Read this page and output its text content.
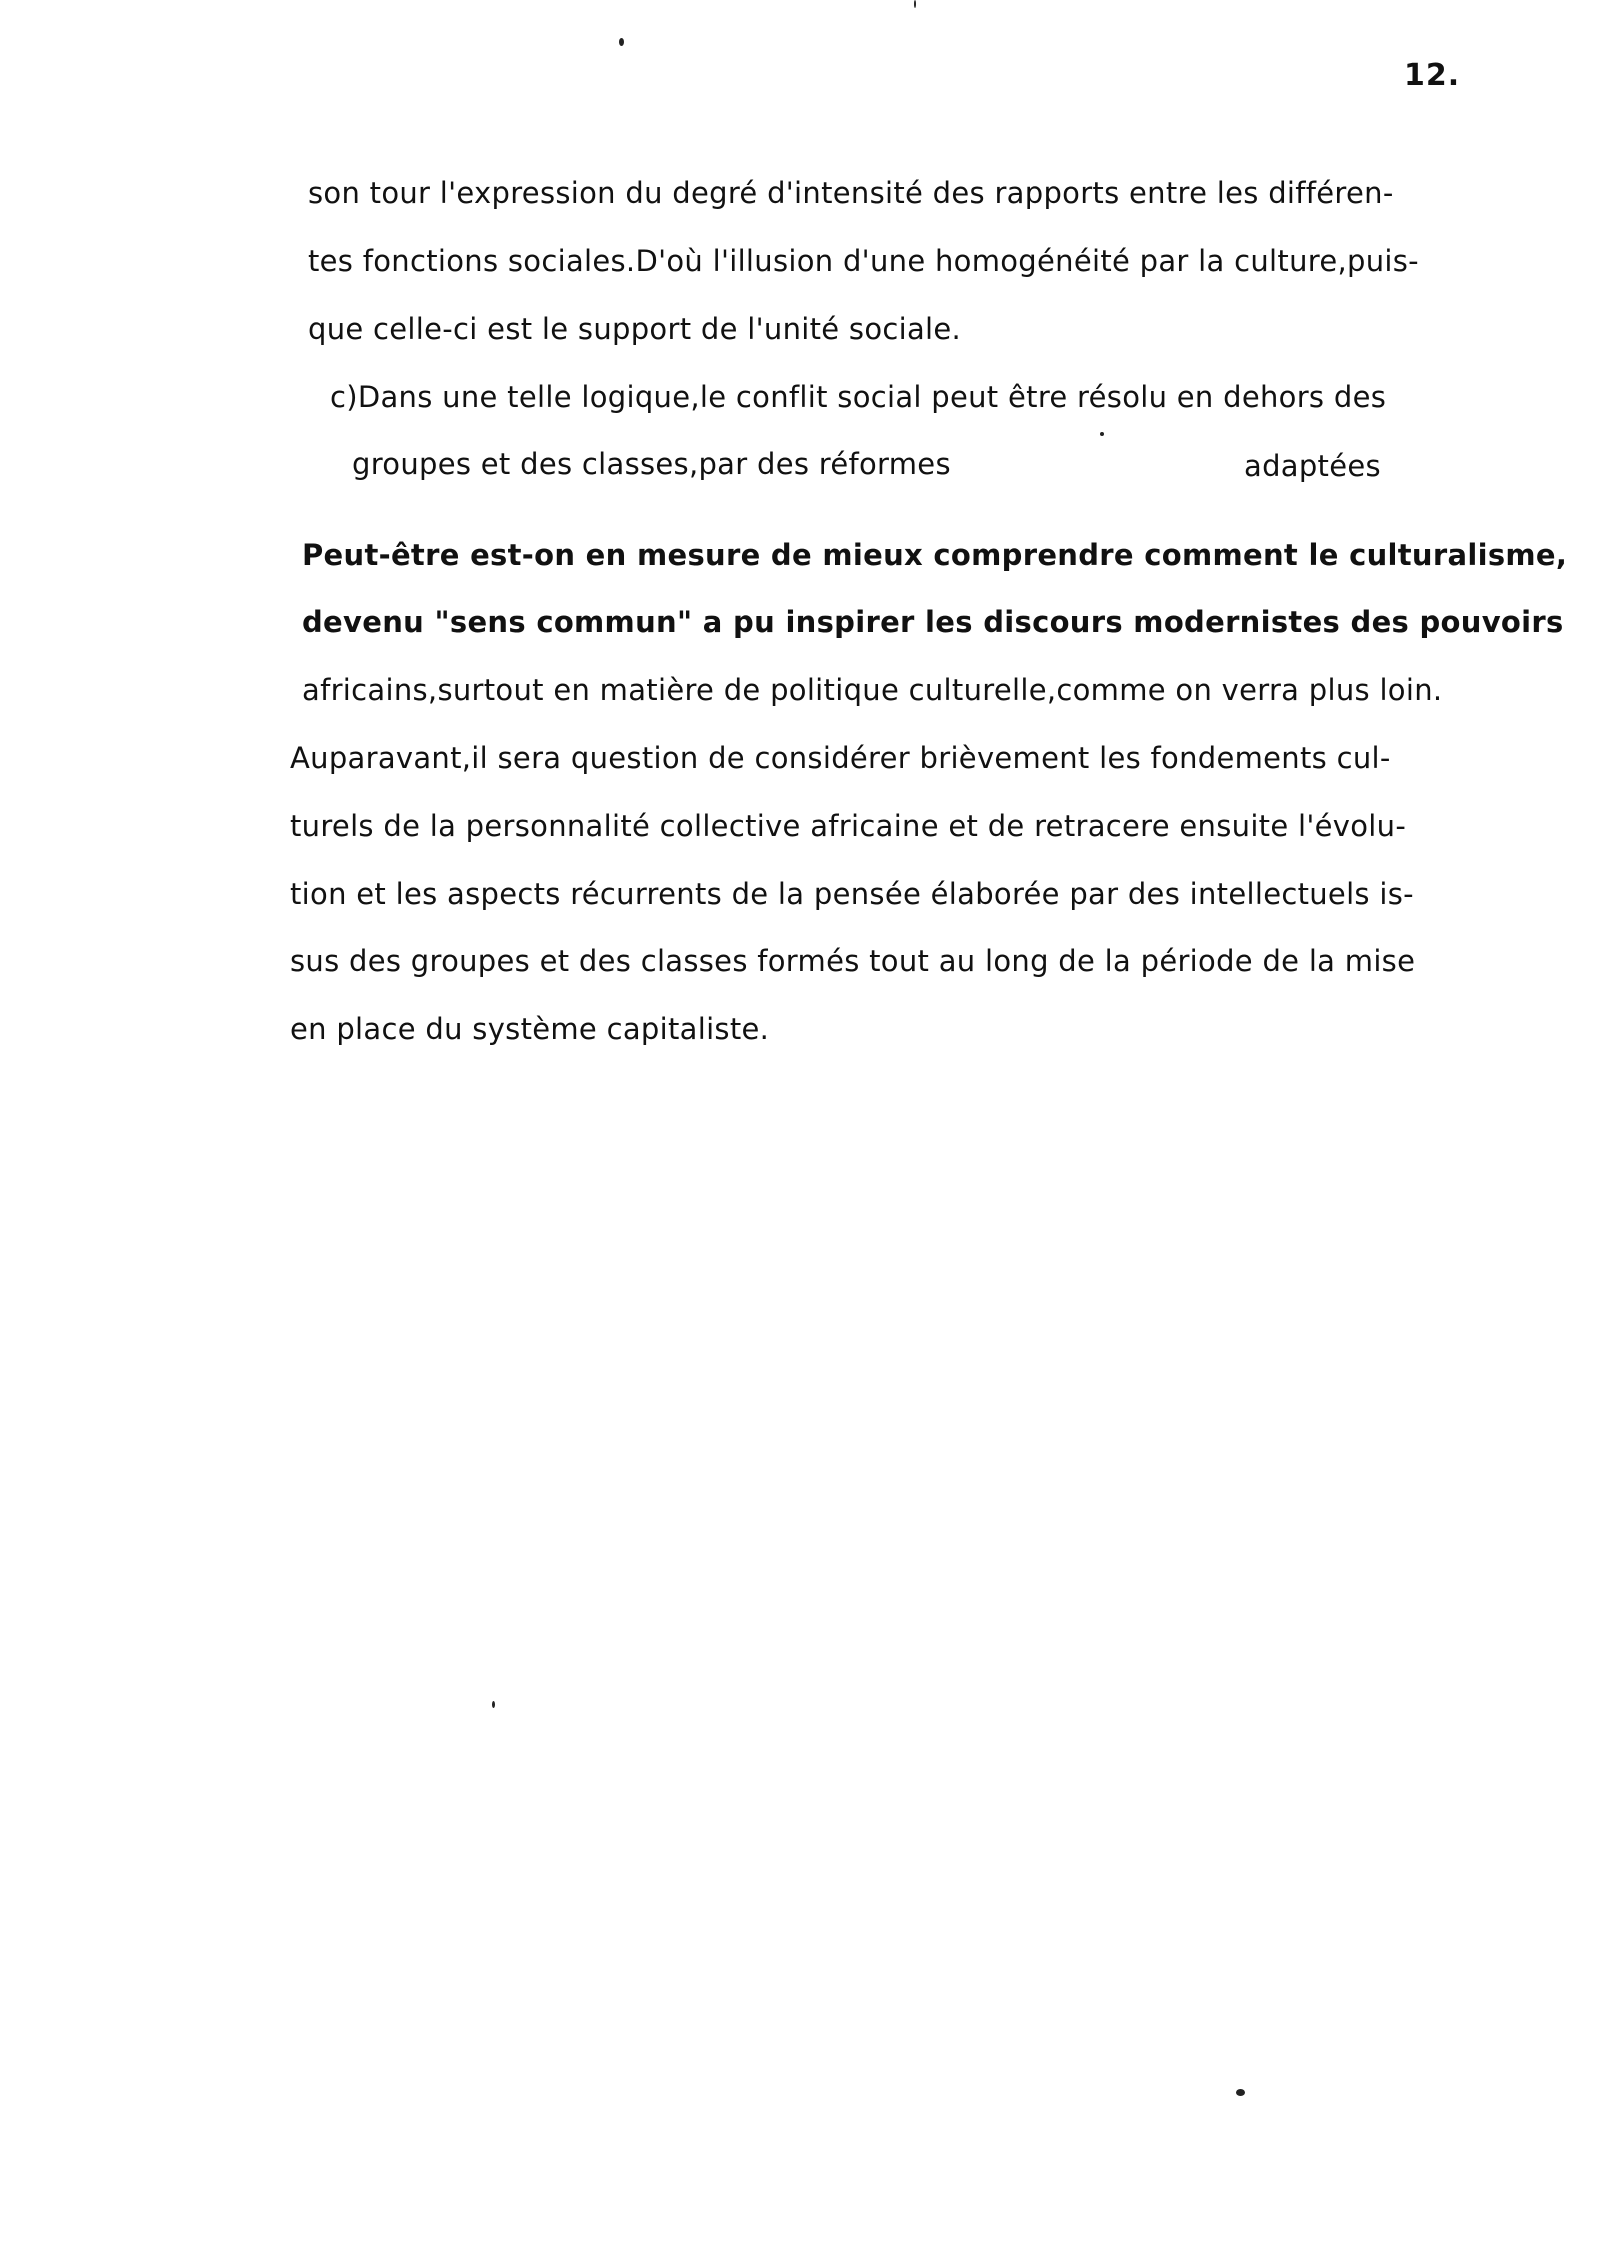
12.
son tour l'expression du degré d'intensité des rapports entre les différen-
tes fonctions sociales.D'où l'illusion d'une homogénéité par la culture,puis-
que celle-ci est le support de l'unité sociale.
c)Dans une telle logique,le conflit social peut être résolu en dehors des
groupes et des classes,par des réformes	adaptées
Peut-être est-on en mesure de mieux comprendre comment le culturalisme,
devenu "sens commun" a pu inspirer les discours modernistes des pouvoirs
africains,surtout en matière de politique culturelle,comme on verra plus loin.
Auparavant,il sera question de considérer brièvement les fondements cul-
turels de la personnalité collective africaine et de retracere ensuite l'évolu-
tion et les aspects récurrents de la pensée élaborée par des intellectuels is-
sus des groupes et des classes formés tout au long de la période de la mise
en place du système capitaliste.
